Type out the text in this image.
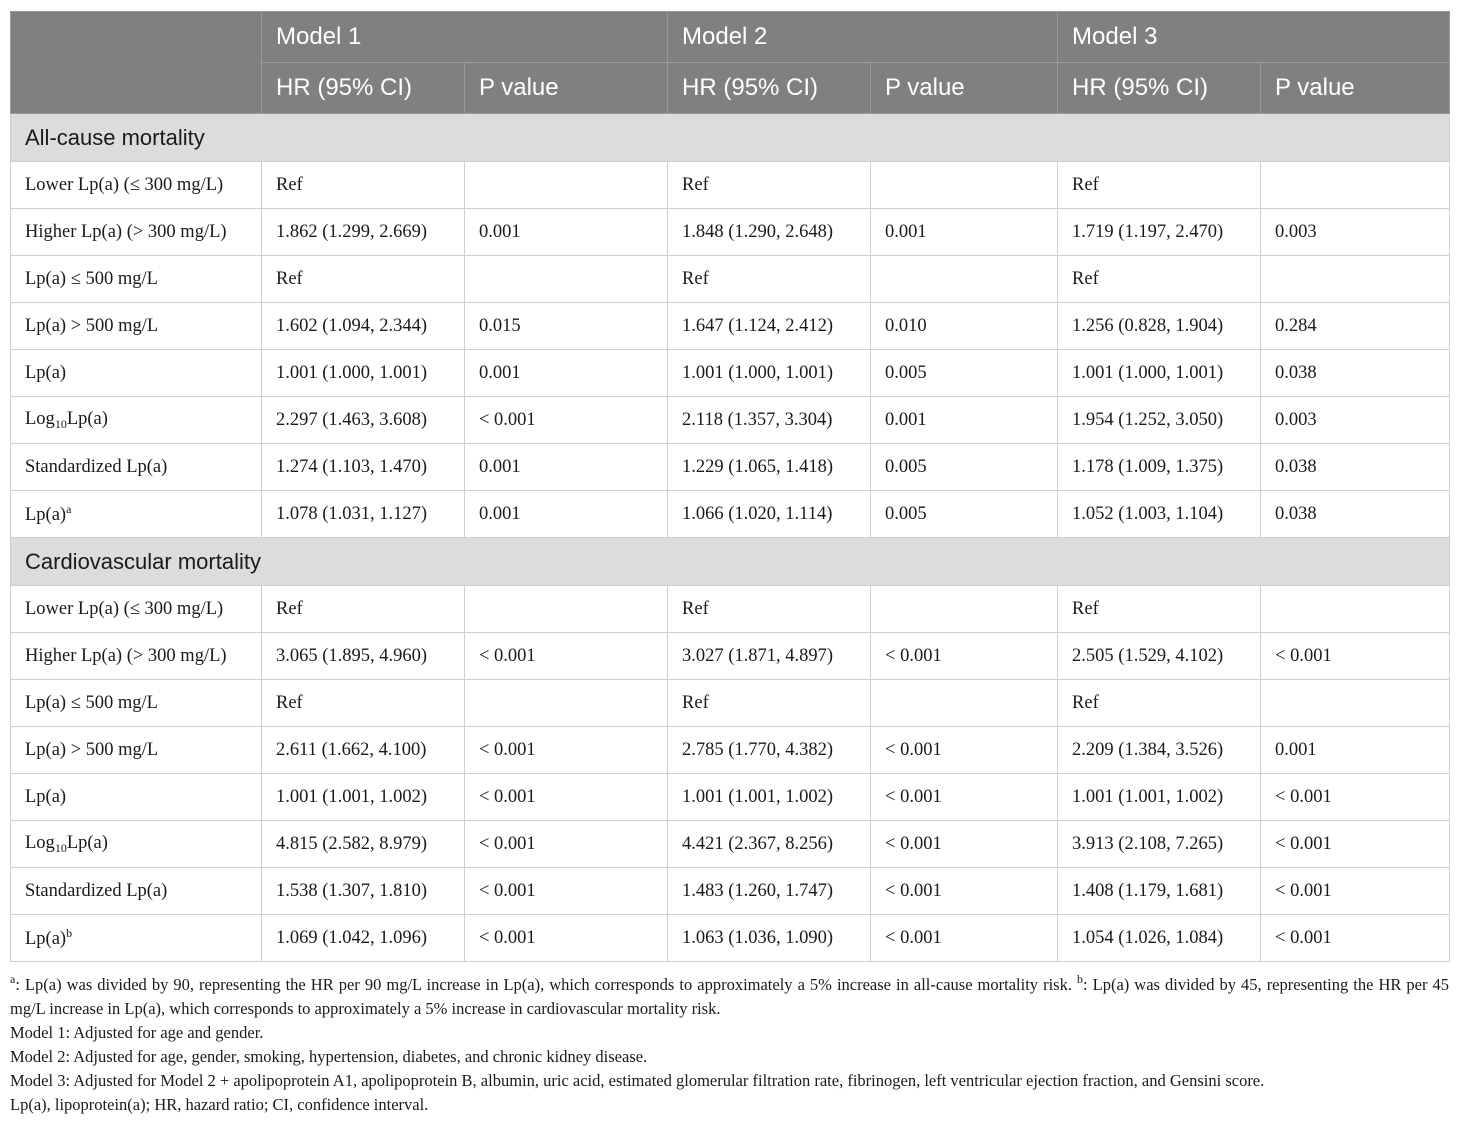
	Model 1		Model 2		Model 3	
	HR (95% CI)	P value	HR (95% CI)	P value	HR (95% CI)	P value
All-cause mortality						
Lower Lp(a) (≤ 300 mg/L)	Ref		Ref		Ref	
Higher Lp(a) (> 300 mg/L)	1.862 (1.299, 2.669)	0.001	1.848 (1.290, 2.648)	0.001	1.719 (1.197, 2.470)	0.003
Lp(a) ≤ 500 mg/L	Ref		Ref		Ref	
Lp(a) > 500 mg/L	1.602 (1.094, 2.344)	0.015	1.647 (1.124, 2.412)	0.010	1.256 (0.828, 1.904)	0.284
Lp(a)	1.001 (1.000, 1.001)	0.001	1.001 (1.000, 1.001)	0.005	1.001 (1.000, 1.001)	0.038
Log$_{10}$Lp(a)	2.297 (1.463, 3.608)	< 0.001	2.118 (1.357, 3.304)	0.001	1.954 (1.252, 3.050)	0.003
Standardized Lp(a)	1.274 (1.103, 1.470)	0.001	1.229 (1.065, 1.418)	0.005	1.178 (1.009, 1.375)	0.038
$Lp(a)^a$	1.078 (1.031, 1.127)	0.001	1.066 (1.020, 1.114)	0.005	1.052 (1.003, 1.104)	0.038
Cardiovascular mortality						
Lower Lp(a) (≤ 300 mg/L)	Ref		Ref		Ref	
Higher Lp(a) (> 300 mg/L)	3.065 (1.895, 4.960)	< 0.001	3.027 (1.871, 4.897)	< 0.001	2.505 (1.529, 4.102)	< 0.001
Lp(a) ≤ 500 mg/L	Ref		Ref		Ref	
Lp(a) > 500 mg/L	2.611 (1.662, 4.100)	< 0.001	2.785 (1.770, 4.382)	< 0.001	2.209 (1.384, 3.526)	0.001
Lp(a)	1.001 (1.001, 1.002)	< 0.001	1.001 (1.001, 1.002)	< 0.001	1.001 (1.001, 1.002)	< 0.001
Log$_{10}$Lp(a)	4.815 (2.582, 8.979)	< 0.001	4.421 (2.367, 8.256)	< 0.001	3.913 (2.108, 7.265)	< 0.001
Standardized Lp(a)	1.538 (1.307, 1.810)	< 0.001	1.483 (1.260, 1.747)	< 0.001	1.408 (1.179, 1.681)	< 0.001
$Lp(a)^b$	1.069 (1.042, 1.096)	< 0.001	1.063 (1.036, 1.090)	< 0.001	1.054 (1.026, 1.084)	< 0.001

$^a$: Lp(a) was divided by 90, representing the HR per 90 mg/L increase in Lp(a), which corresponds to approximately a 5% increase in all-cause mortality risk. $^b$: Lp(a) was divided by 45, representing the HR per 45 mg/L increase in Lp(a), which corresponds to approximately a 5% increase in cardiovascular mortality risk.

Model 1: Adjusted for age and gender.

Model 2: Adjusted for age, gender, smoking, hypertension, diabetes, and chronic kidney disease.

Model 3: Adjusted for Model 2 + apolipoprotein A1, apolipoprotein B, albumin, uric acid, estimated glomerular filtration rate, fibrinogen, left ventricular ejection fraction, and Gensini score.

Lp(a), lipoprotein(a); HR, hazard ratio; CI, confidence interval.
